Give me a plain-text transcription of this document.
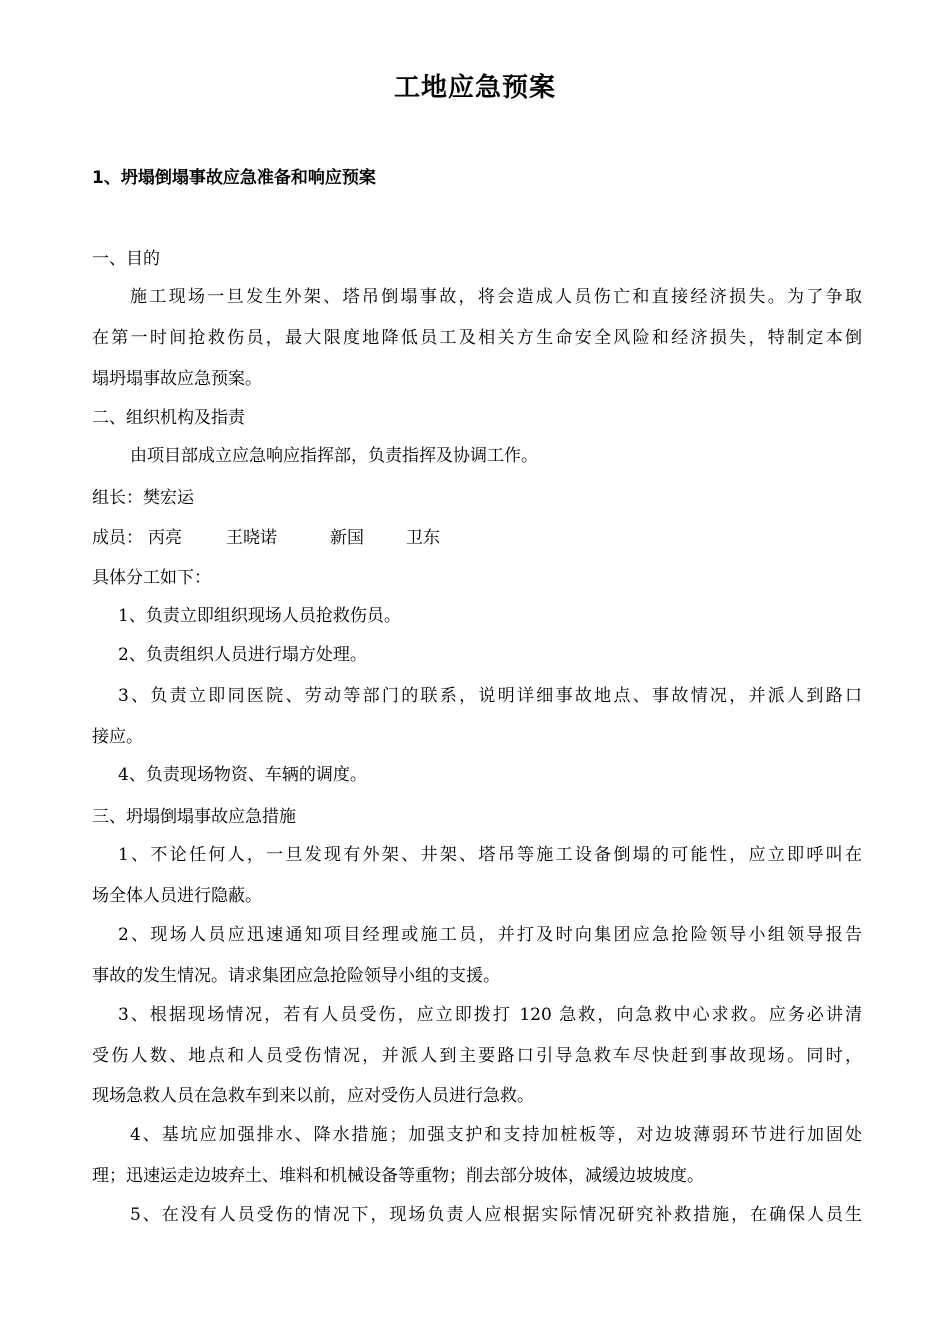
工地应急预案
1、坍塌倒塌事故应急准备和响应预案
一、目的
施工现场一旦发生外架、塔吊倒塌事故，将会造成人员伤亡和直接经济损失。为了争取
在第一时间抢救伤员，最大限度地降低员工及相关方生命安全风险和经济损失，特制定本倒
塌坍塌事故应急预案。
二、组织机构及指责
由项目部成立应急响应指挥部，负责指挥及协调工作。
组长：樊宏运
成员： 丙亮	王晓诺	新国 卫东
具体分工如下：
1、负责立即组织现场人员抢救伤员。
2、负责组织人员进行塌方处理。
3、负责立即同医院、劳动等部门的联系，说明详细事故地点、事故情况，并派人到路口
接应。
4、负责现场物资、车辆的调度。
三、坍塌倒塌事故应急措施
1、不论任何人，一旦发现有外架、井架、塔吊等施工设备倒塌的可能性，应立即呼叫在
场全体人员进行隐蔽。
2、现场人员应迅速通知项目经理或施工员，并打及时向集团应急抢险领导小组领导报告
事故的发生情况。请求集团应急抢险领导小组的支援。
3、根据现场情况，若有人员受伤，应立即拨打 120 急救，向急救中心求救。应务必讲清
受伤人数、地点和人员受伤情况，并派人到主要路口引导急救车尽快赶到事故现场。同时，
现场急救人员在急救车到来以前，应对受伤人员进行急救。
4、基坑应加强排水、降水措施；加强支护和支持加桩板等，对边坡薄弱环节进行加固处
理；迅速运走边坡弃土、堆料和机械设备等重物；削去部分坡体，减缓边坡坡度。
5、在没有人员受伤的情况下，现场负责人应根据实际情况研究补救措施，在确保人员生
